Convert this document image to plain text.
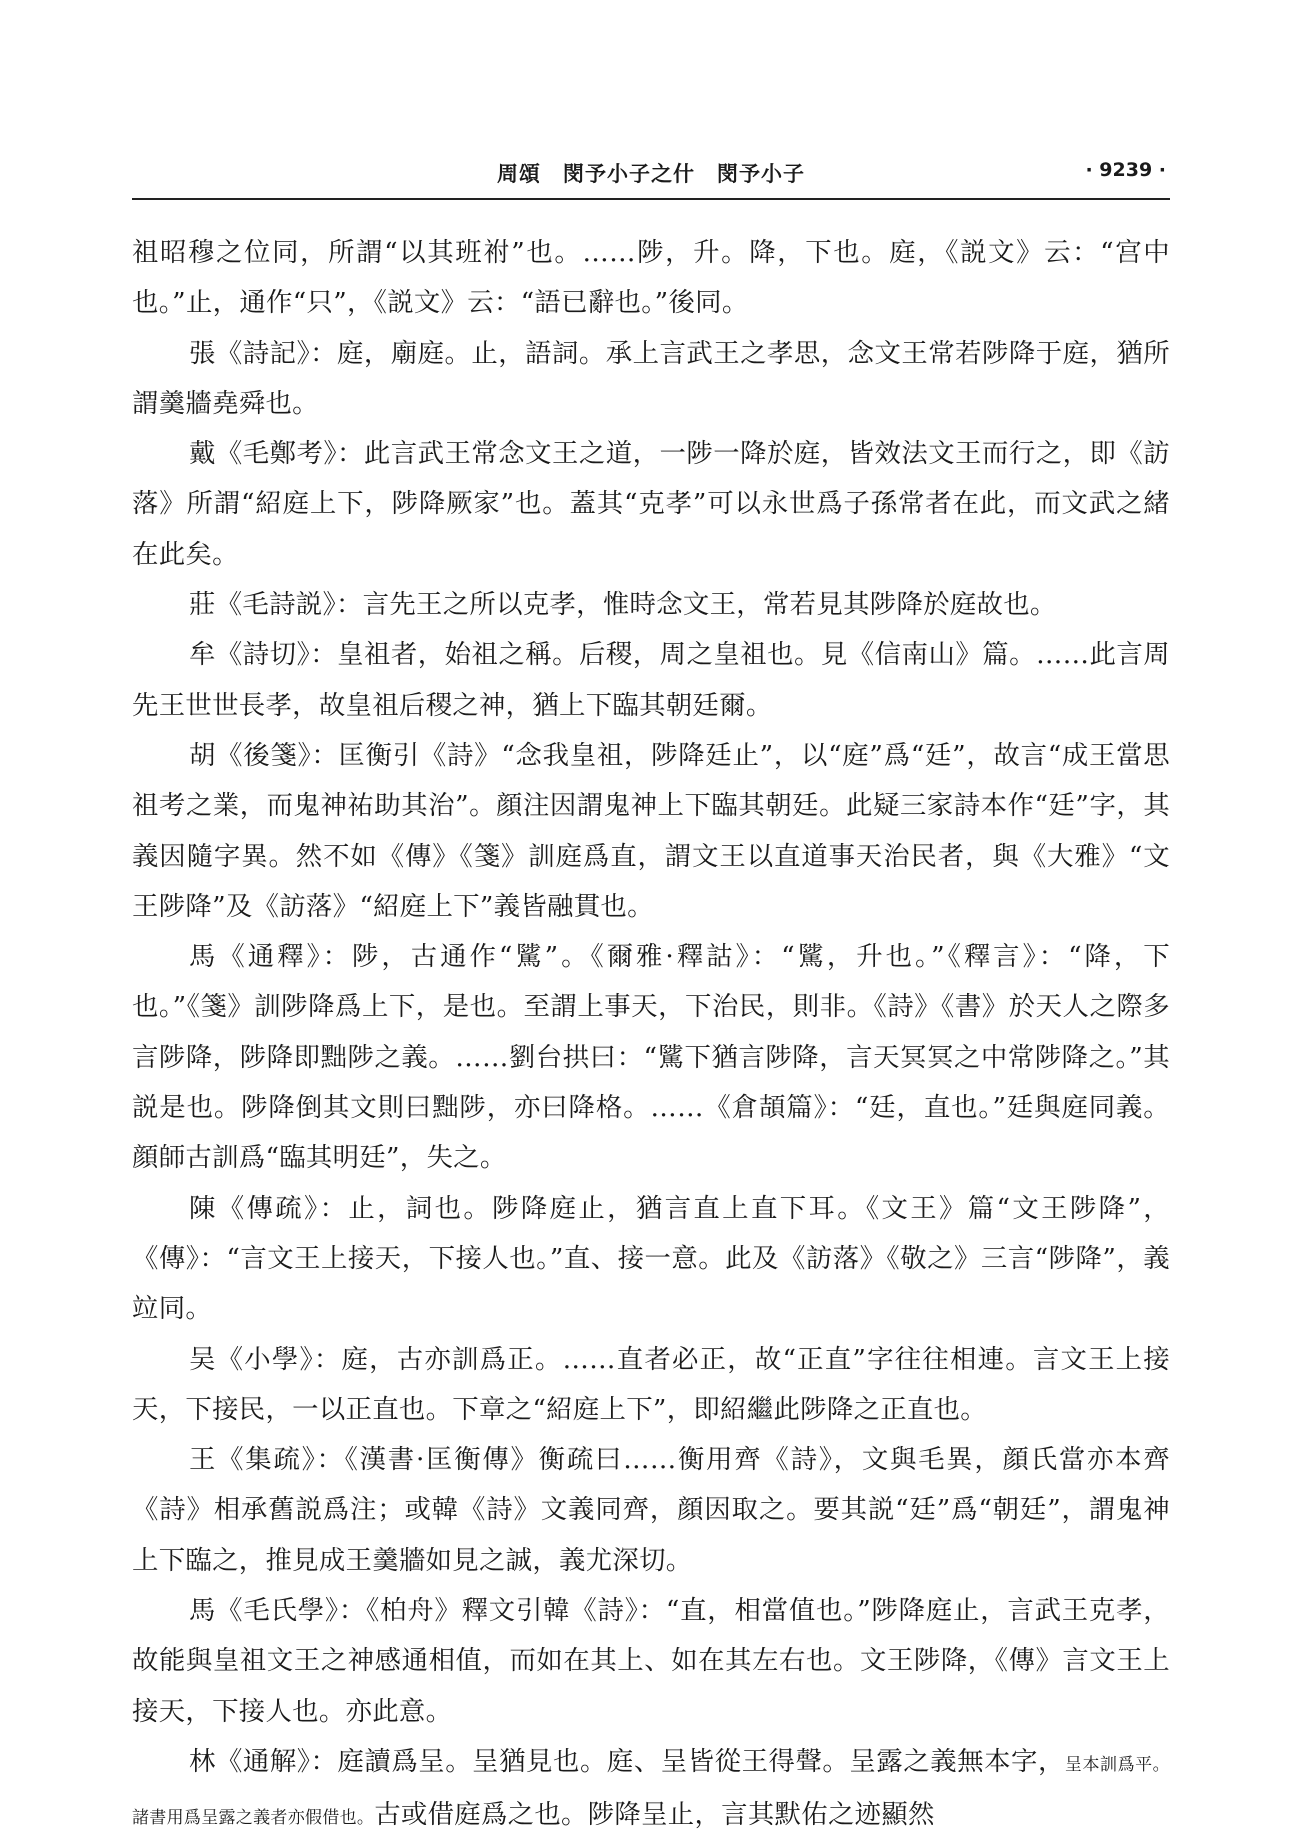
周頌　閔予小子之什　閔予小子	· 9239 ·

祖昭穆之位同，所謂“以其班祔”也。……陟，升。降，下也。庭，《説文》云：“宫中也。”止，通作“只”，《説文》云：“語已辭也。”後同。

張《詩記》：庭，廟庭。止，語詞。承上言武王之孝思，念文王常若陟降于庭，猶所謂羹牆堯舜也。

戴《毛鄭考》：此言武王常念文王之道，一陟一降於庭，皆效法文王而行之，即《訪落》所謂“紹庭上下，陟降厥家”也。蓋其“克孝”可以永世爲子孫常者在此，而文武之緒在此矣。

莊《毛詩説》：言先王之所以克孝，惟時念文王，常若見其陟降於庭故也。

牟《詩切》：皇祖者，始祖之稱。后稷，周之皇祖也。見《信南山》篇。……此言周先王世世長孝，故皇祖后稷之神，猶上下臨其朝廷爾。

胡《後箋》：匡衡引《詩》“念我皇祖，陟降廷止”，以“庭”爲“廷”，故言“成王當思祖考之業，而鬼神祐助其治”。顔注因謂鬼神上下臨其朝廷。此疑三家詩本作“廷”字，其義因隨字異。然不如《傳》《箋》訓庭爲直，謂文王以直道事天治民者，與《大雅》“文王陟降”及《訪落》“紹庭上下”義皆融貫也。

馬《通釋》：陟，古通作“騭”。《爾雅·釋詁》：“騭，升也。”《釋言》：“降，下也。”《箋》訓陟降爲上下，是也。至謂上事天，下治民，則非。《詩》《書》於天人之際多言陟降，陟降即黜陟之義。……劉台拱曰：“騭下猶言陟降，言天冥冥之中常陟降之。”其説是也。陟降倒其文則曰黜陟，亦曰降格。……《倉頡篇》：“廷，直也。”廷與庭同義。顔師古訓爲“臨其明廷”，失之。

陳《傳疏》：止，詞也。陟降庭止，猶言直上直下耳。《文王》篇“文王陟降”，《傳》：“言文王上接天，下接人也。”直、接一意。此及《訪落》《敬之》三言“陟降”，義竝同。

吴《小學》：庭，古亦訓爲正。……直者必正，故“正直”字往往相連。言文王上接天，下接民，一以正直也。下章之“紹庭上下”，即紹繼此陟降之正直也。

王《集疏》：《漢書·匡衡傳》衡疏曰……衡用齊《詩》，文與毛異，顔氏當亦本齊《詩》相承舊説爲注；或韓《詩》文義同齊，顔因取之。要其説“廷”爲“朝廷”，謂鬼神上下臨之，推見成王羹牆如見之誠，義尤深切。

馬《毛氏學》：《柏舟》釋文引韓《詩》：“直，相當值也。”陟降庭止，言武王克孝，故能與皇祖文王之神感通相值，而如在其上、如在其左右也。文王陟降，《傳》言文王上接天，下接人也。亦此意。

林《通解》：庭讀爲呈。呈猶見也。庭、呈皆從王得聲。呈露之義無本字，呈本訓爲平。諸書用爲呈露之義者亦假借也。古或借庭爲之也。陟降呈止，言其默佑之迹顯然
